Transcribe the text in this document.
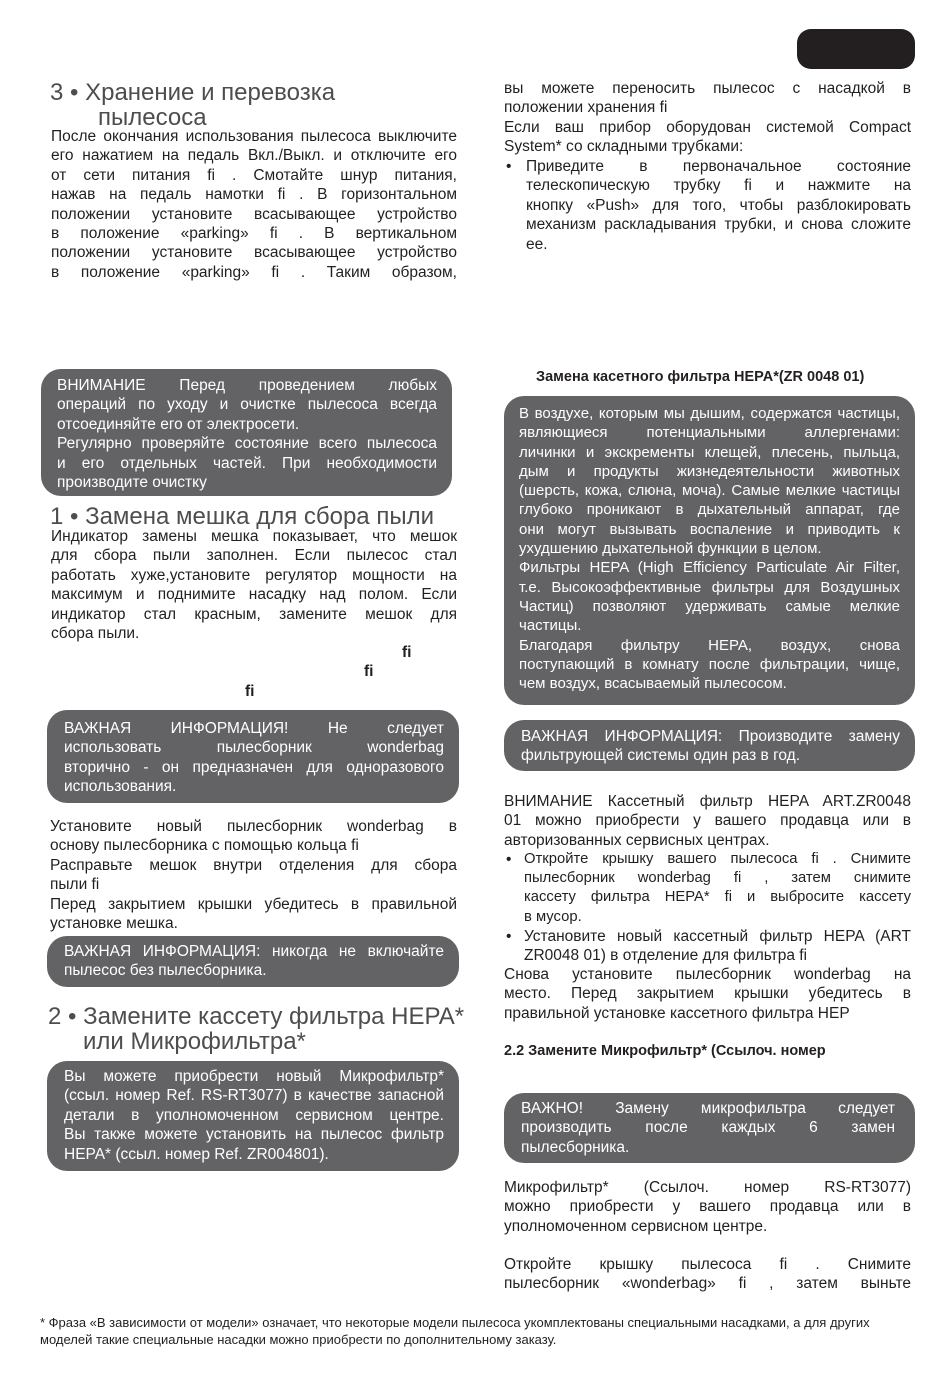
3 • Хранение и перевозка
пылесоса
После окончания использования пылесоса выключите
его нажатием на педаль Вкл./Выкл. и отключите его
от сети питания ﬁ . Смотайте шнур питания,
нажав на педаль намотки ﬁ . В горизонтальном
положении установите всасывающее устройство
в положение «parking» ﬁ . В вертикальном
положении установите всасывающее устройство
в положение «parking» ﬁ . Таким образом,
ВНИМАНИЕ Перед проведением любых
операций по уходу и очистке пылесоса всегда
отсоединяйте его от электросети.
Регулярно проверяйте состояние всего пылесоса
и его отдельных частей. При необходимости
производите очистку
1 • Замена мешка для сбора пыли
Индикатор замены мешка показывает, что мешок
для сбора пыли заполнен. Если пылесос стал
работать хуже,установите регулятор мощности на
максимум и поднимите насадку над полом. Если
индикатор стал красным, замените мешок для
сбора пыли.
ﬁ
ﬁ
ﬁ
ВАЖНАЯ ИНФОРМАЦИЯ! Не следует
использовать пылесборник wonderbag
вторично - он предназначен для одноразового
использования.
Установите новый пылесборник wonderbag в
основу пылесборника с помощью кольца ﬁ
Расправьте мешок внутри отделения для сбора
пыли ﬁ
Перед закрытием крышки убедитесь в правильной
установке мешка.
ВАЖНАЯ ИНФОРМАЦИЯ: никогда не включайте
пылесос без пылесборника.
2 • Замените кассету фильтра HEPA*
или Микрофильтра*
Вы можете приобрести новый Микрофильтр*
(ссыл. номер Ref. RS-RT3077) в качестве запасной
детали в уполномоченном сервисном центре.
Вы также можете установить на пылесос фильтр
HEPA* (ссыл. номер Ref. ZR004801).
вы можете переносить пылесос с насадкой в
положении хранения ﬁ
Если ваш прибор оборудован системой Compact
System* со складными трубками:
• Приведите в первоначальное состояние
телескопическую трубку ﬁ и нажмите на
кнопку «Push» для того, чтобы разблокировать
механизм раскладывания трубки, и снова сложите
ее.
Замена касетного фильтра HEPA*(ZR 0048 01)
В воздухе, которым мы дышим, содержатся частицы,
являющиеся потенциальными аллергенами:
личинки и экскременты клещей, плесень, пыльца,
дым и продукты жизнедеятельности животных
(шерсть, кожа, слюна, моча). Самые мелкие частицы
глубоко проникают в дыхательный аппарат, где
они могут вызывать воспаление и приводить к
ухудшению дыхательной функции в целом.
Фильтры HEPA (High Efficiency Particulate Air Filter,
т.е. Высокоэффективные фильтры для Воздушных
Частиц) позволяют удерживать самые мелкие
частицы.
Благодаря фильтру HEPA, воздух, снова
поступающий в комнату после фильтрации, чище,
чем воздух, всасываемый пылесосом.
ВАЖНАЯ ИНФОРМАЦИЯ: Производите замену
фильтрующей системы один раз в год.
ВНИМАНИЕ Кассетный фильтр HEPA ART.ZR0048
01 можно приобрести у вашего продавца или в
авторизованных сервисных центрах.
• Откройте крышку вашего пылесоса ﬁ . Снимите
пылесборник wonderbag ﬁ , затем снимите
кассету фильтра HEPA* ﬁ и выбросите кассету
в мусор.
• Установите новый кассетный фильтр HEPA (ART
ZR0048 01) в отделение для фильтра ﬁ
Снова установите пылесборник wonderbag на
место. Перед закрытием крышки убедитесь в
правильной установке кассетного фильтра HEP
2.2 Замените Микрофильтр* (Ссылоч. номер
ВАЖНО! Замену микрофильтра следует
производить после каждых 6 замен
пылесборника.
Микрофильтр* (Ссылоч. номер RS-RT3077)
можно приобрести у вашего продавца или в
уполномоченном сервисном центре.
Откройте крышку пылесоса ﬁ . Снимите
пылесборник «wonderbag» ﬁ , затем выньте
* Фраза «В зависимости от модели» означает, что некоторые модели пылесоса укомплектованы специальными насадками, а для других
моделей такие специальные насадки можно приобрести по дополнительному заказу.
